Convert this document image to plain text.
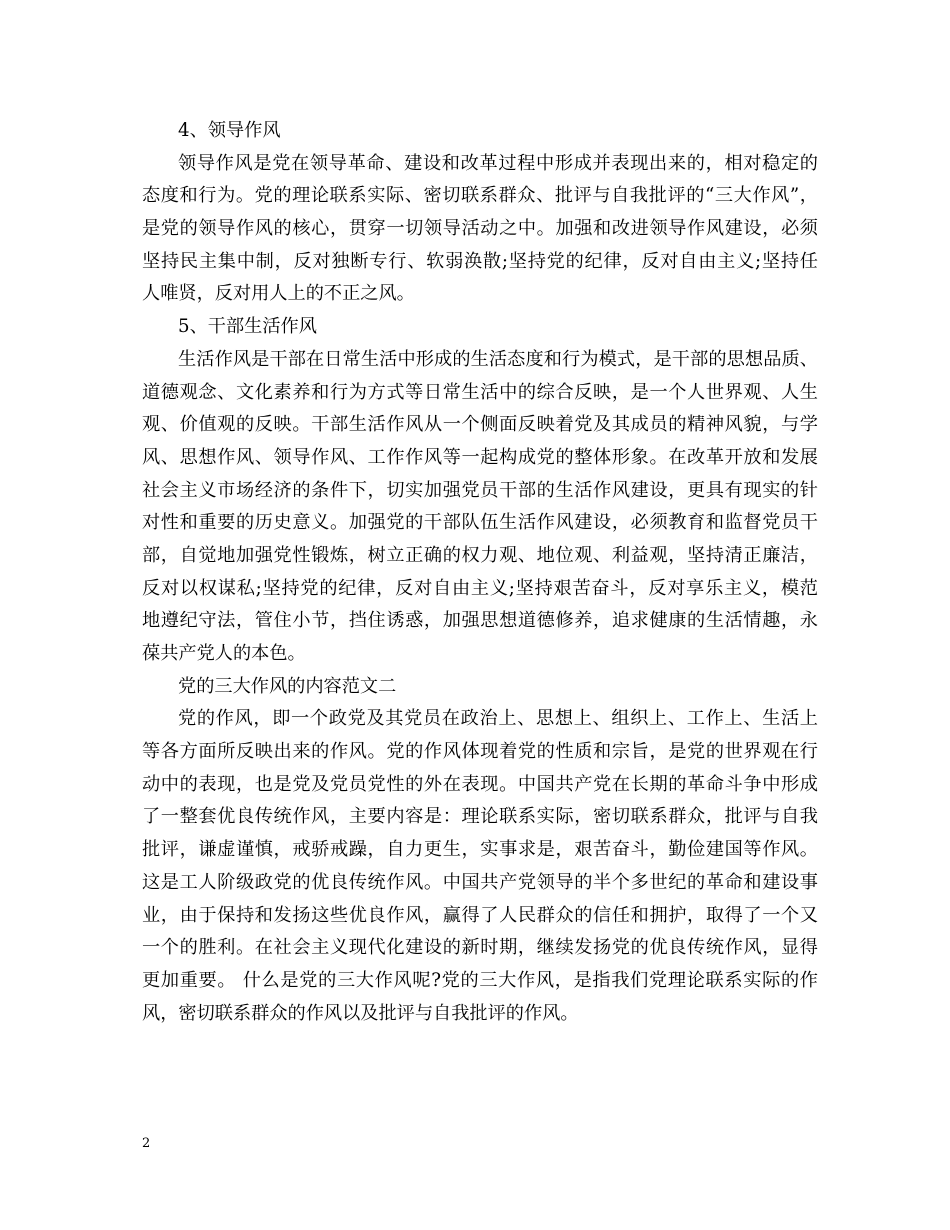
4、领导作风
领导作风是党在领导革命、建设和改革过程中形成并表现出来的，相对稳定的
态度和行为。党的理论联系实际、密切联系群众、批评与自我批评的“三大作风”，
是党的领导作风的核心，贯穿一切领导活动之中。加强和改进领导作风建设，必须
坚持民主集中制，反对独断专行、软弱涣散;坚持党的纪律，反对自由主义;坚持任
人唯贤，反对用人上的不正之风。
5、干部生活作风
生活作风是干部在日常生活中形成的生活态度和行为模式，是干部的思想品质、
道德观念、文化素养和行为方式等日常生活中的综合反映，是一个人世界观、人生
观、价值观的反映。干部生活作风从一个侧面反映着党及其成员的精神风貌，与学
风、思想作风、领导作风、工作作风等一起构成党的整体形象。在改革开放和发展
社会主义市场经济的条件下，切实加强党员干部的生活作风建设，更具有现实的针
对性和重要的历史意义。加强党的干部队伍生活作风建设，必须教育和监督党员干
部，自觉地加强党性锻炼，树立正确的权力观、地位观、利益观，坚持清正廉洁，
反对以权谋私;坚持党的纪律，反对自由主义;坚持艰苦奋斗，反对享乐主义，模范
地遵纪守法，管住小节，挡住诱惑，加强思想道德修养，追求健康的生活情趣，永
葆共产党人的本色。
党的三大作风的内容范文二
党的作风，即一个政党及其党员在政治上、思想上、组织上、工作上、生活上
等各方面所反映出来的作风。党的作风体现着党的性质和宗旨，是党的世界观在行
动中的表现，也是党及党员党性的外在表现。中国共产党在长期的革命斗争中形成
了一整套优良传统作风，主要内容是：理论联系实际，密切联系群众，批评与自我
批评，谦虚谨慎，戒骄戒躁，自力更生，实事求是，艰苦奋斗，勤俭建国等作风。
这是工人阶级政党的优良传统作风。中国共产党领导的半个多世纪的革命和建设事
业，由于保持和发扬这些优良作风，赢得了人民群众的信任和拥护，取得了一个又
一个的胜利。在社会主义现代化建设的新时期，继续发扬党的优良传统作风，显得
更加重要。 什么是党的三大作风呢?党的三大作风，是指我们党理论联系实际的作
风，密切联系群众的作风以及批评与自我批评的作风。
2
